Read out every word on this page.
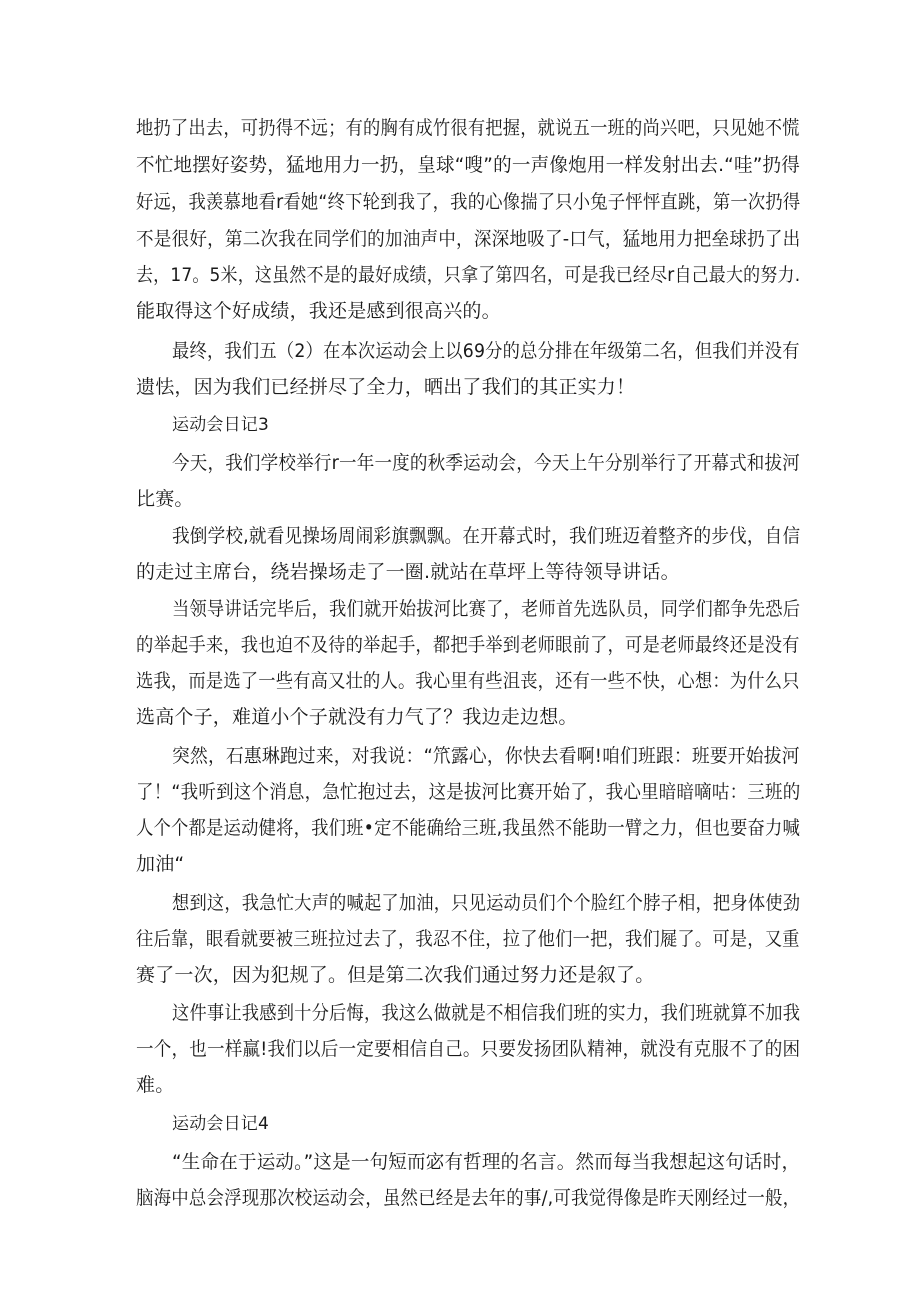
地扔了出去，可扔得不远；有的胸有成竹很有把握，就说五一班的尚兴吧，只见她不慌

不忙地摆好姿势，猛地用力一扔，皇球“嗖”的一声像炮用一样发射出去.“哇”扔得

好远，我羡慕地看r看她“终下轮到我了，我的心像揣了只小兔子怦怦直跳，第一次扔得

不是很好，第二次我在同学们的加油声中，深深地吸了-口气，猛地用力把垒球扔了出

去，17。5米，这虽然不是的最好成绩，只拿了第四名，可是我已经尽r自己最大的努力.

能取得这个好成绩，我还是感到很高兴的。

最终，我们五（2）在本次运动会上以69分的总分排在年级第二名，但我们并没有

遗怯，因为我们已经拼尽了全力，晒出了我们的其正实力！

运动会日记3

今天，我们学校举行r一年一度的秋季运动会，今天上午分别举行了开幕式和拔河

比赛。

我倒学校,就看见操场周闹彩旗飘飘。在开幕式时，我们班迈着整齐的步伐，自信

的走过主席台，绕岩操场走了一圈.就站在草坪上等待领导讲话。

当领导讲话完毕后，我们就开始拔河比赛了，老师首先选队员，同学们都争先恐后

的举起手来，我也迫不及待的举起手，都把手举到老师眼前了，可是老师最终还是没有

选我，而是选了一些有高又壮的人。我心里有些沮丧，还有一些不快，心想：为什么只

选高个子，难道小个子就没有力气了？我边走边想。

突然，石惠琳跑过来，对我说：“笊露心，你快去看啊!咱们班跟：班要开始拔河

了！“我听到这个消息，急忙抱过去，这是拔河比赛开始了，我心里暗暗嘀咕：三班的

人个个都是运动健将，我们班•定不能确给三班,我虽然不能助一臂之力，但也要奋力喊

加油“

想到这，我急忙大声的喊起了加油，只见运动员们个个脸红个脖子相，把身体使劲

往后靠，眼看就要被三班拉过去了，我忍不住，拉了他们一把，我们屣了。可是，又重

赛了一次，因为犯规了。但是第二次我们通过努力还是叙了。

这件事让我感到十分后悔，我这么做就是不相信我们班的实力，我们班就算不加我

一个，也一样赢!我们以后一定要相信自己。只要发扬团队精神，就没有克服不了的困

难。

运动会日记4

“生命在于运动。”这是一句短而宓有哲理的名言。然而每当我想起这句话时，

脑海中总会浮现那次校运动会，虽然已经是去年的事/,可我觉得像是昨天刚经过一般，
